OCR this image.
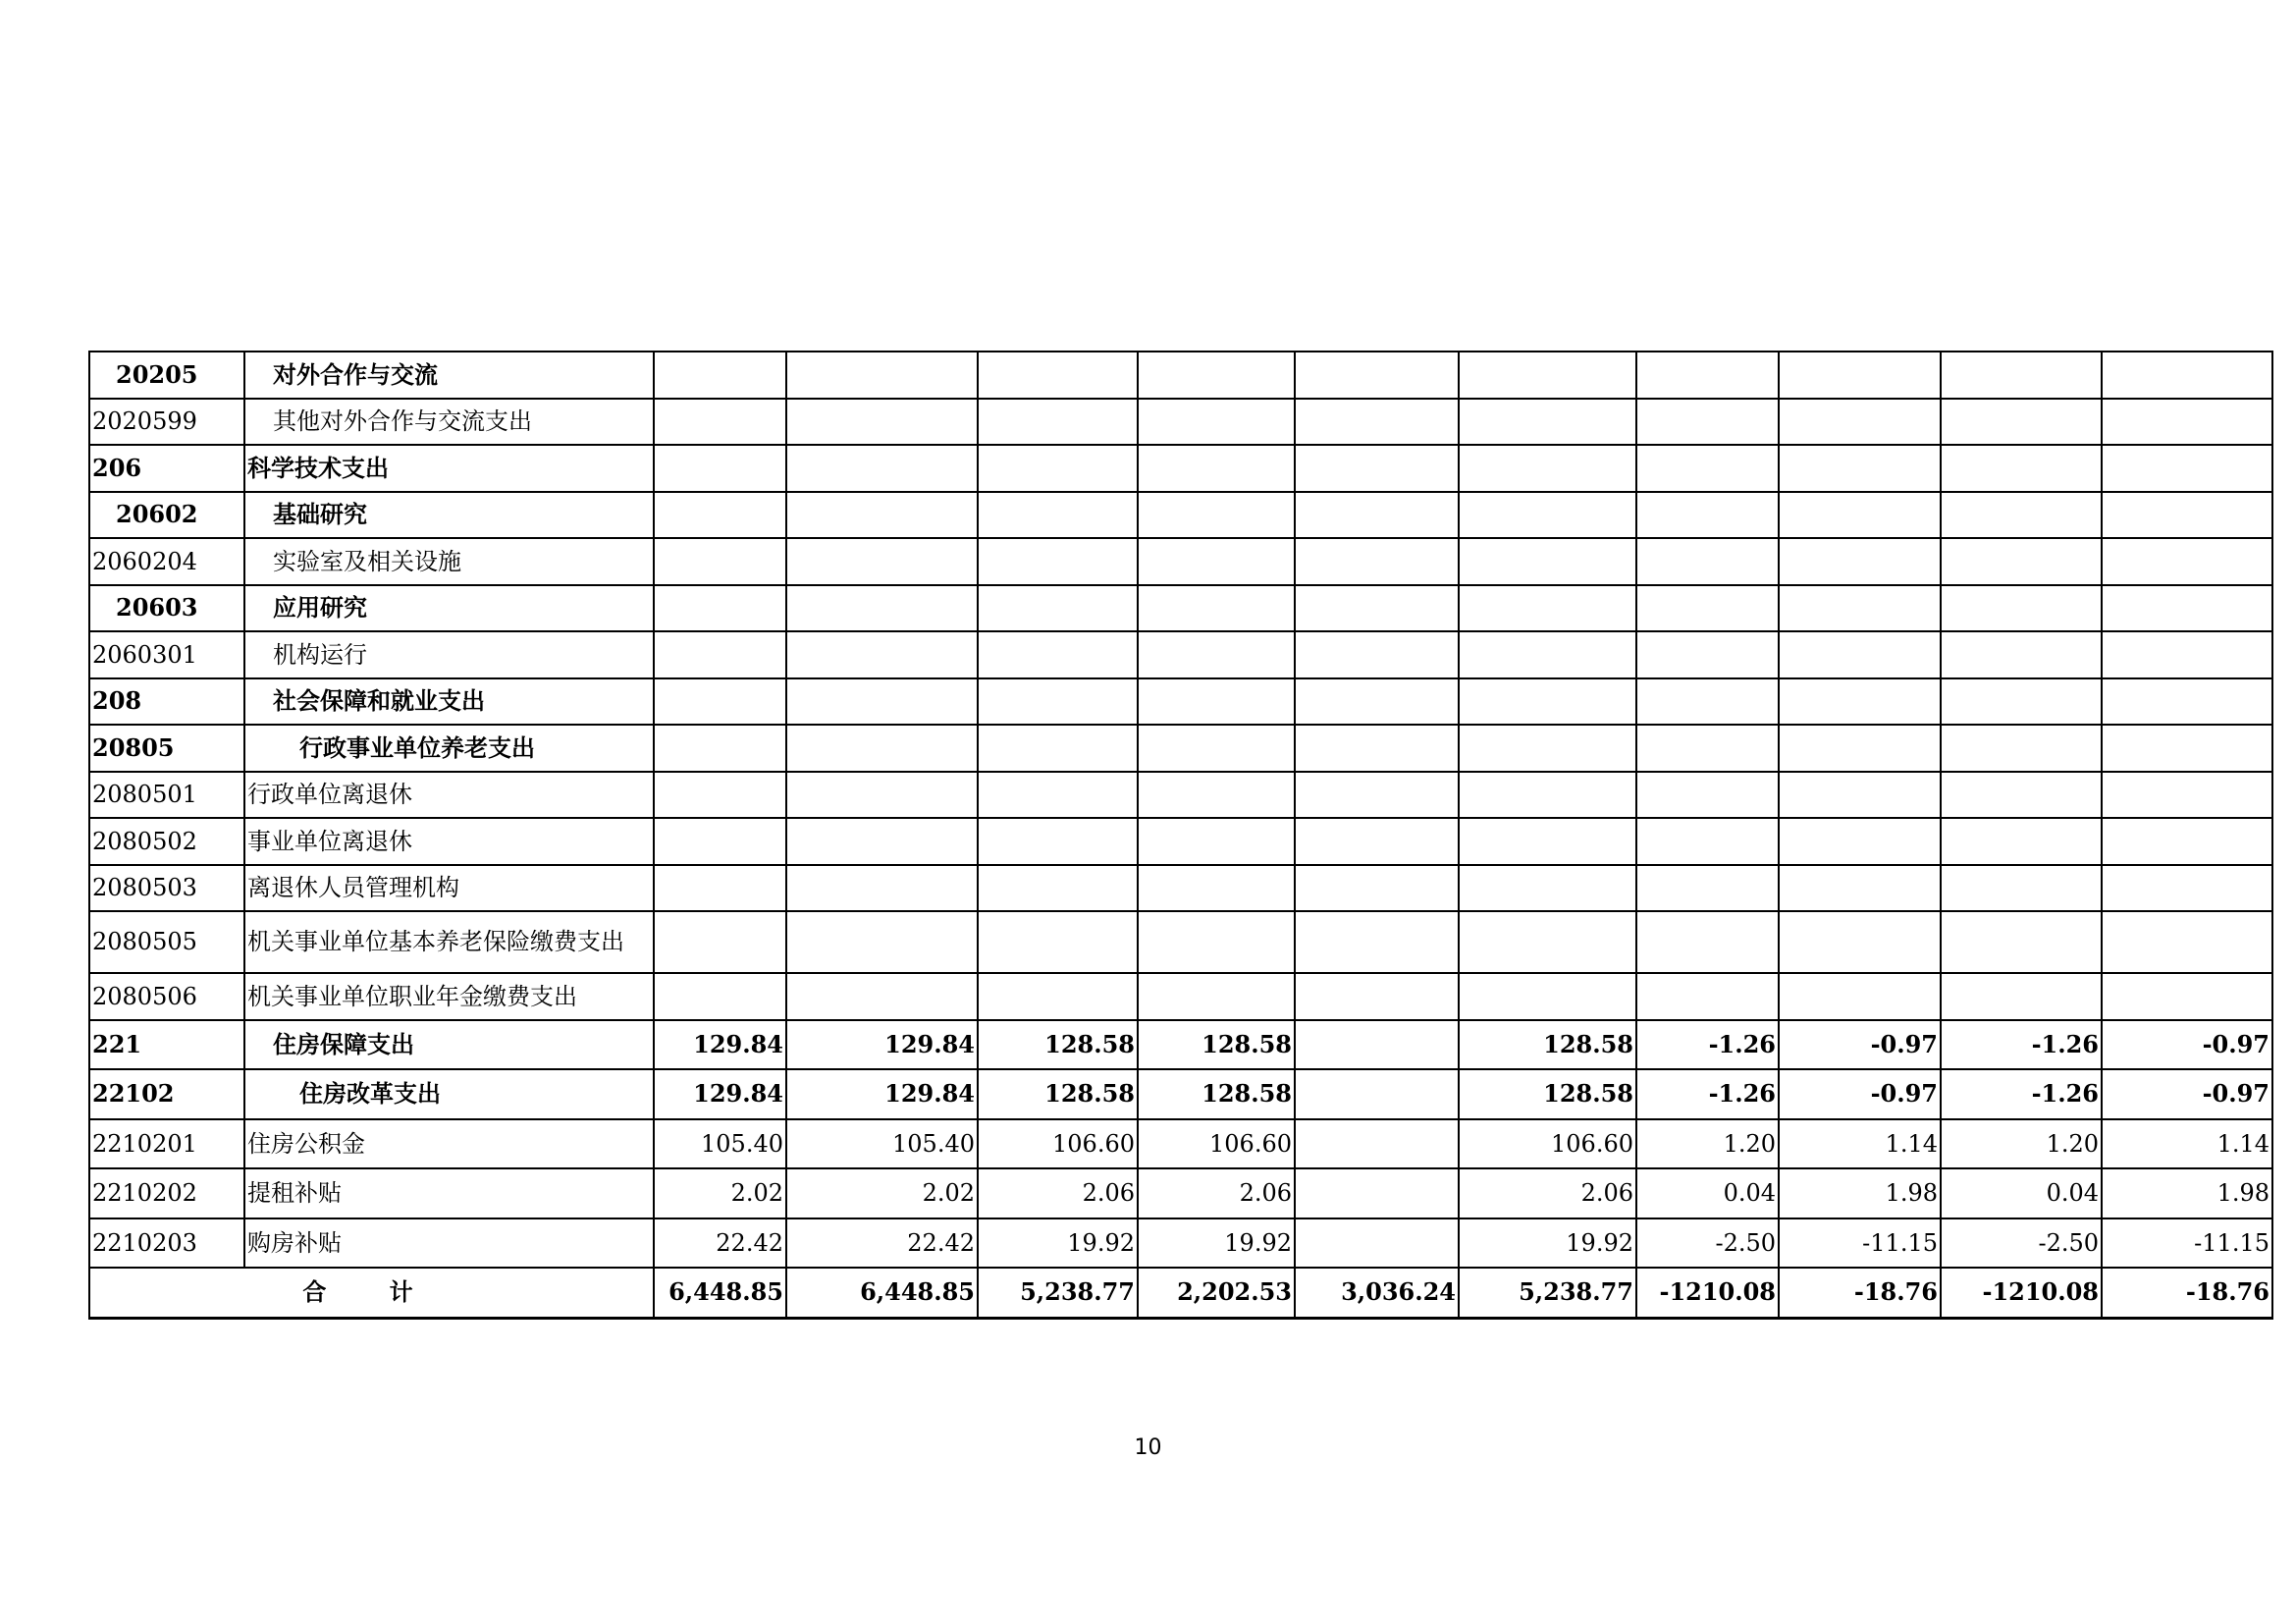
20205	对外合作与交流										
2020599	其他对外合作与交流支出										
206	科学技术支出										
20602	基础研究										
2060204	实验室及相关设施										
20603	应用研究										
2060301	机构运行										
208	社会保障和就业支出										
20805	行政事业单位养老支出										
2080501	行政单位离退休										
2080502	事业单位离退休										
2080503	离退休人员管理机构										
2080505	机关事业单位基本养老保险缴费支出										
2080506	机关事业单位职业年金缴费支出										
221	住房保障支出	129.84	129.84	128.58	128.58		128.58	-1.26	-0.97	-1.26	-0.97
22102	住房改革支出	129.84	129.84	128.58	128.58		128.58	-1.26	-0.97	-1.26	-0.97
2210201	住房公积金	105.40	105.40	106.60	106.60		106.60	1.20	1.14	1.20	1.14
2210202	提租补贴	2.02	2.02	2.06	2.06		2.06	0.04	1.98	0.04	1.98
2210203	购房补贴	22.42	22.42	19.92	19.92		19.92	-2.50	-11.15	-2.50	-11.15
合 计		6,448.85	6,448.85	5,238.77	2,202.53	3,036.24	5,238.77	-1210.08	-18.76	-1210.08	-18.76
10
